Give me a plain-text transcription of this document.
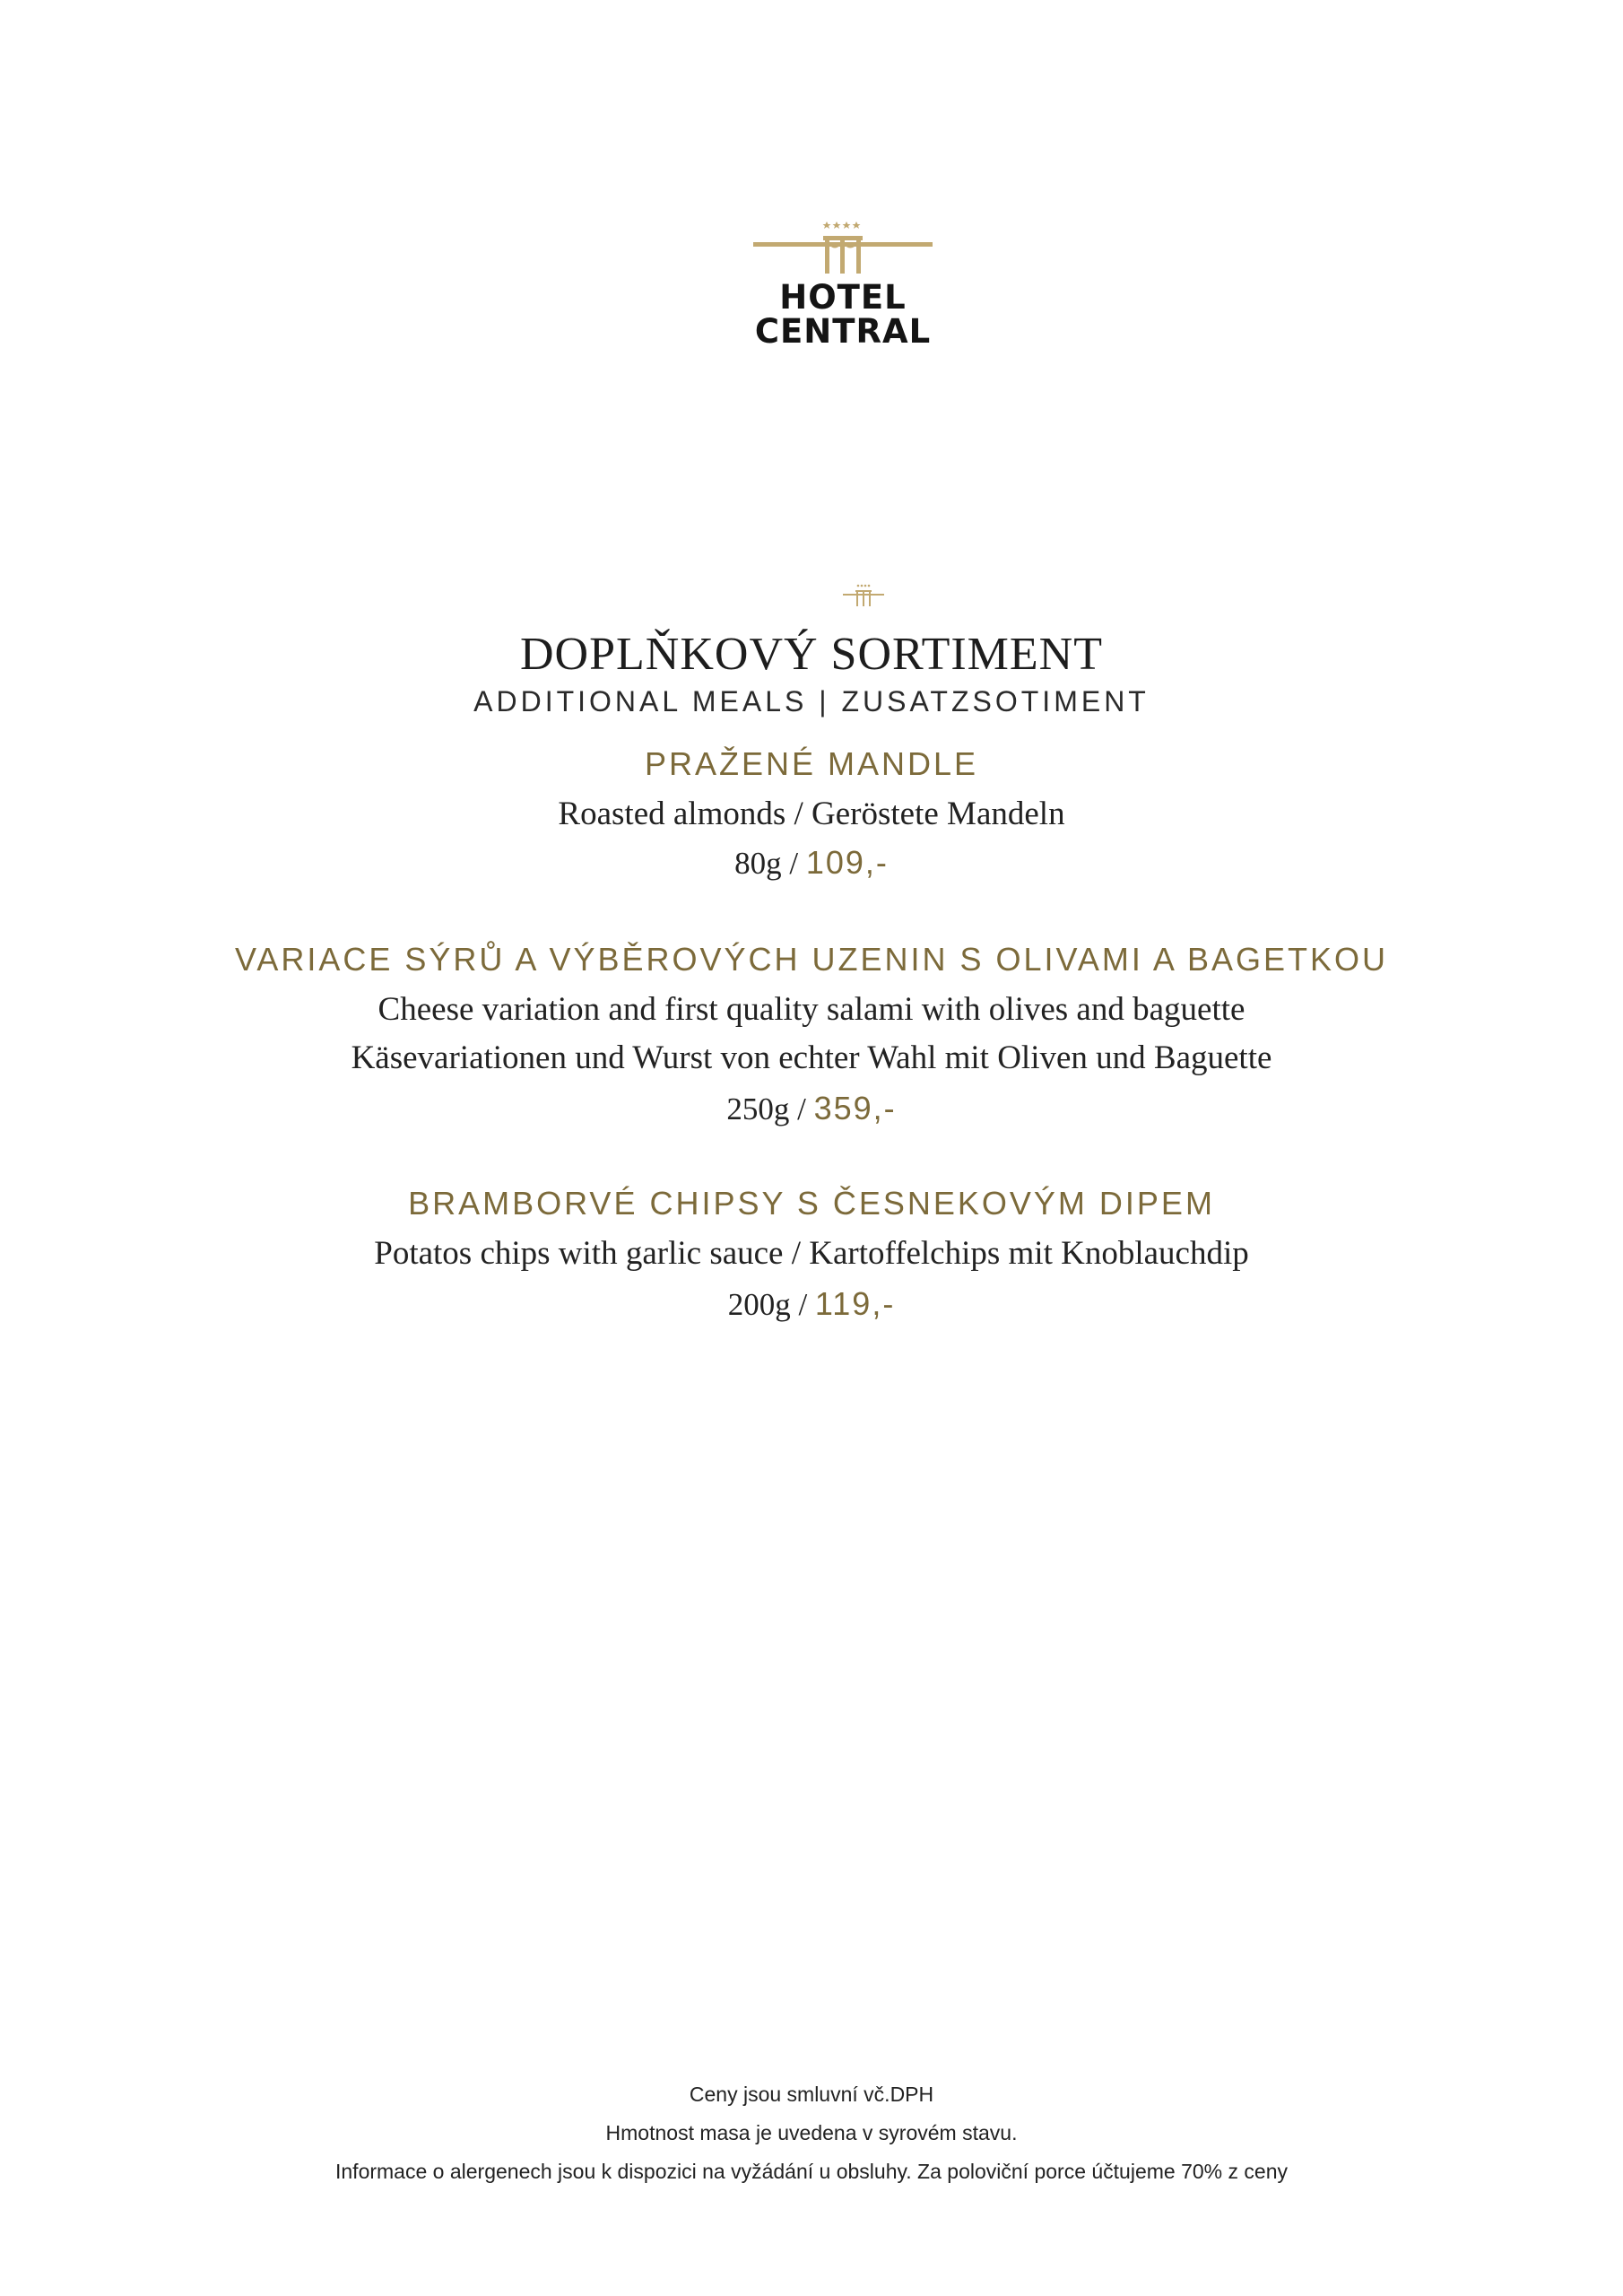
HOTEL
CENTRAL
DOPLŇKOVÝ SORTIMENT
ADDITIONAL MEALS | ZUSATZSOTIMENT
PRAŽENÉ MANDLE
Roasted almonds / Geröstete Mandeln
80g / 109,-
VARIACE SÝRŮ A VÝBĚROVÝCH UZENIN S OLIVAMI A BAGETKOU
Cheese variation and first quality salami with olives and baguette
Käsevariationen und Wurst von echter Wahl mit Oliven und Baguette
250g / 359,-
BRAMBORVÉ CHIPSY S ČESNEKOVÝM DIPEM
Potatos chips with garlic sauce / Kartoffelchips mit Knoblauchdip
200g / 119,-
Ceny jsou smluvní vč.DPH
Hmotnost masa je uvedena v syrovém stavu.
Informace o alergenech jsou k dispozici na vyžádání u obsluhy. Za poloviční porce účtujeme 70% z ceny
